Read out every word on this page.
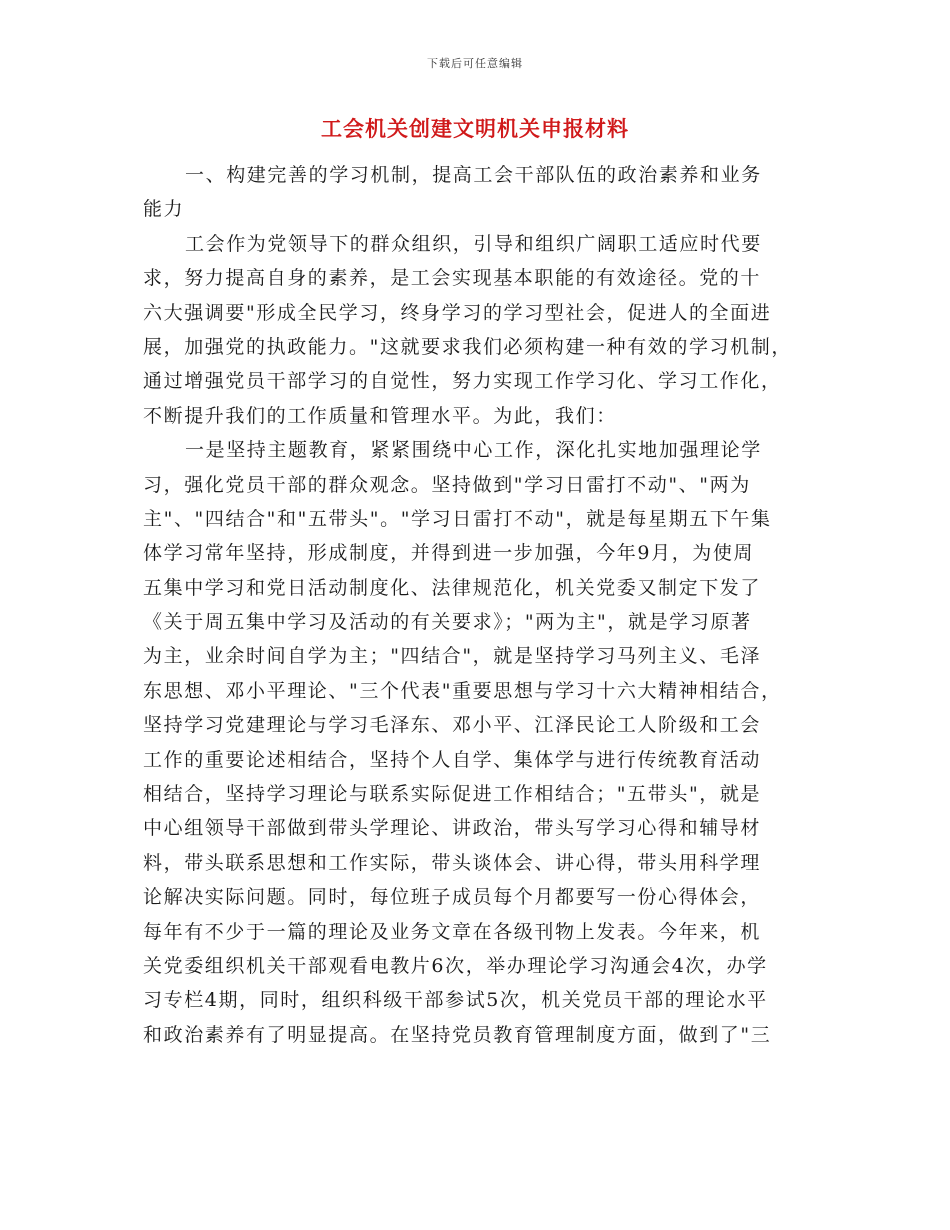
下载后可任意编辑
工会机关创建文明机关申报材料
一、构建完善的学习机制，提高工会干部队伍的政治素养和业务
能力
工会作为党领导下的群众组织，引导和组织广阔职工适应时代要
求，努力提高自身的素养，是工会实现基本职能的有效途径。党的十
六大强调要"形成全民学习，终身学习的学习型社会，促进人的全面进
展，加强党的执政能力。"这就要求我们必须构建一种有效的学习机制，
通过增强党员干部学习的自觉性，努力实现工作学习化、学习工作化，
不断提升我们的工作质量和管理水平。为此，我们：
一是坚持主题教育，紧紧围绕中心工作，深化扎实地加强理论学
习，强化党员干部的群众观念。坚持做到"学习日雷打不动"、"两为
主"、"四结合"和"五带头"。"学习日雷打不动"，就是每星期五下午集
体学习常年坚持，形成制度，并得到进一步加强，今年9月，为使周
五集中学习和党日活动制度化、法律规范化，机关党委又制定下发了
《关于周五集中学习及活动的有关要求》；"两为主"，就是学习原著
为主，业余时间自学为主；"四结合"，就是坚持学习马列主义、毛泽
东思想、邓小平理论、"三个代表"重要思想与学习十六大精神相结合，
坚持学习党建理论与学习毛泽东、邓小平、江泽民论工人阶级和工会
工作的重要论述相结合，坚持个人自学、集体学与进行传统教育活动
相结合，坚持学习理论与联系实际促进工作相结合；"五带头"，就是
中心组领导干部做到带头学理论、讲政治，带头写学习心得和辅导材
料，带头联系思想和工作实际，带头谈体会、讲心得，带头用科学理
论解决实际问题。同时，每位班子成员每个月都要写一份心得体会，
每年有不少于一篇的理论及业务文章在各级刊物上发表。今年来，机
关党委组织机关干部观看电教片6次，举办理论学习沟通会4次，办学
习专栏4期，同时，组织科级干部参试5次，机关党员干部的理论水平
和政治素养有了明显提高。在坚持党员教育管理制度方面，做到了"三
